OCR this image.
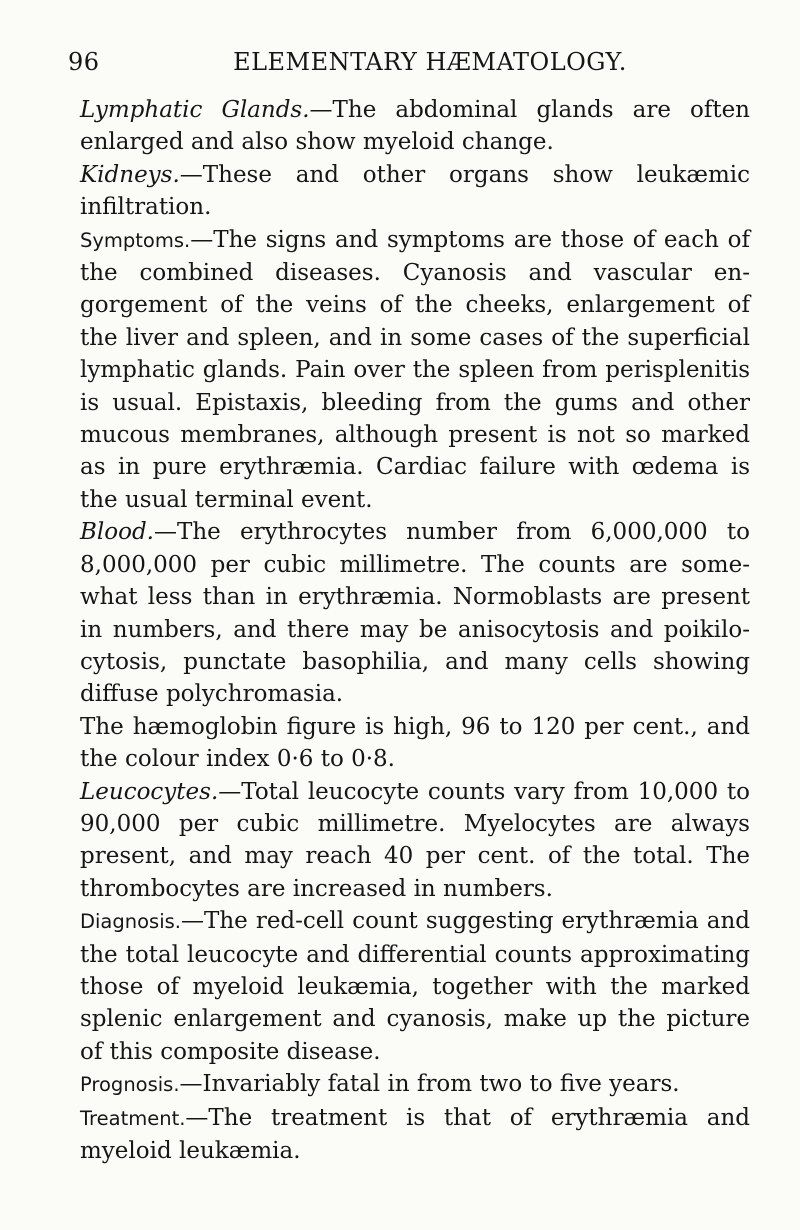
96	ELEMENTARY HÆMATOLOGY.

Lymphatic Glands.—The abdominal glands are often enlarged and also show myeloid change.

Kidneys.—These and other organs show leukæmic infiltration.

Symptoms.—The signs and symptoms are those of each of the combined diseases. Cyanosis and vascular engorgement of the veins of the cheeks, enlargement of the liver and spleen, and in some cases of the superficial lymphatic glands. Pain over the spleen from perisplenitis is usual. Epistaxis, bleeding from the gums and other mucous membranes, although present is not so marked as in pure erythræmia. Cardiac failure with œdema is the usual terminal event.

Blood.—The erythrocytes number from 6,000,000 to 8,000,000 per cubic millimetre. The counts are somewhat less than in erythræmia. Normoblasts are present in numbers, and there may be anisocytosis and poikilocytosis, punctate basophilia, and many cells showing diffuse polychromasia.

The hæmoglobin figure is high, 96 to 120 per cent., and the colour index 0·6 to 0·8.

Leucocytes.—Total leucocyte counts vary from 10,000 to 90,000 per cubic millimetre. Myelocytes are always present, and may reach 40 per cent. of the total. The thrombocytes are increased in numbers.

Diagnosis.—The red-cell count suggesting erythræmia and the total leucocyte and differential counts approximating those of myeloid leukæmia, together with the marked splenic enlargement and cyanosis, make up the picture of this composite disease.

Prognosis.—Invariably fatal in from two to five years.

Treatment.—The treatment is that of erythræmia and myeloid leukæmia.
